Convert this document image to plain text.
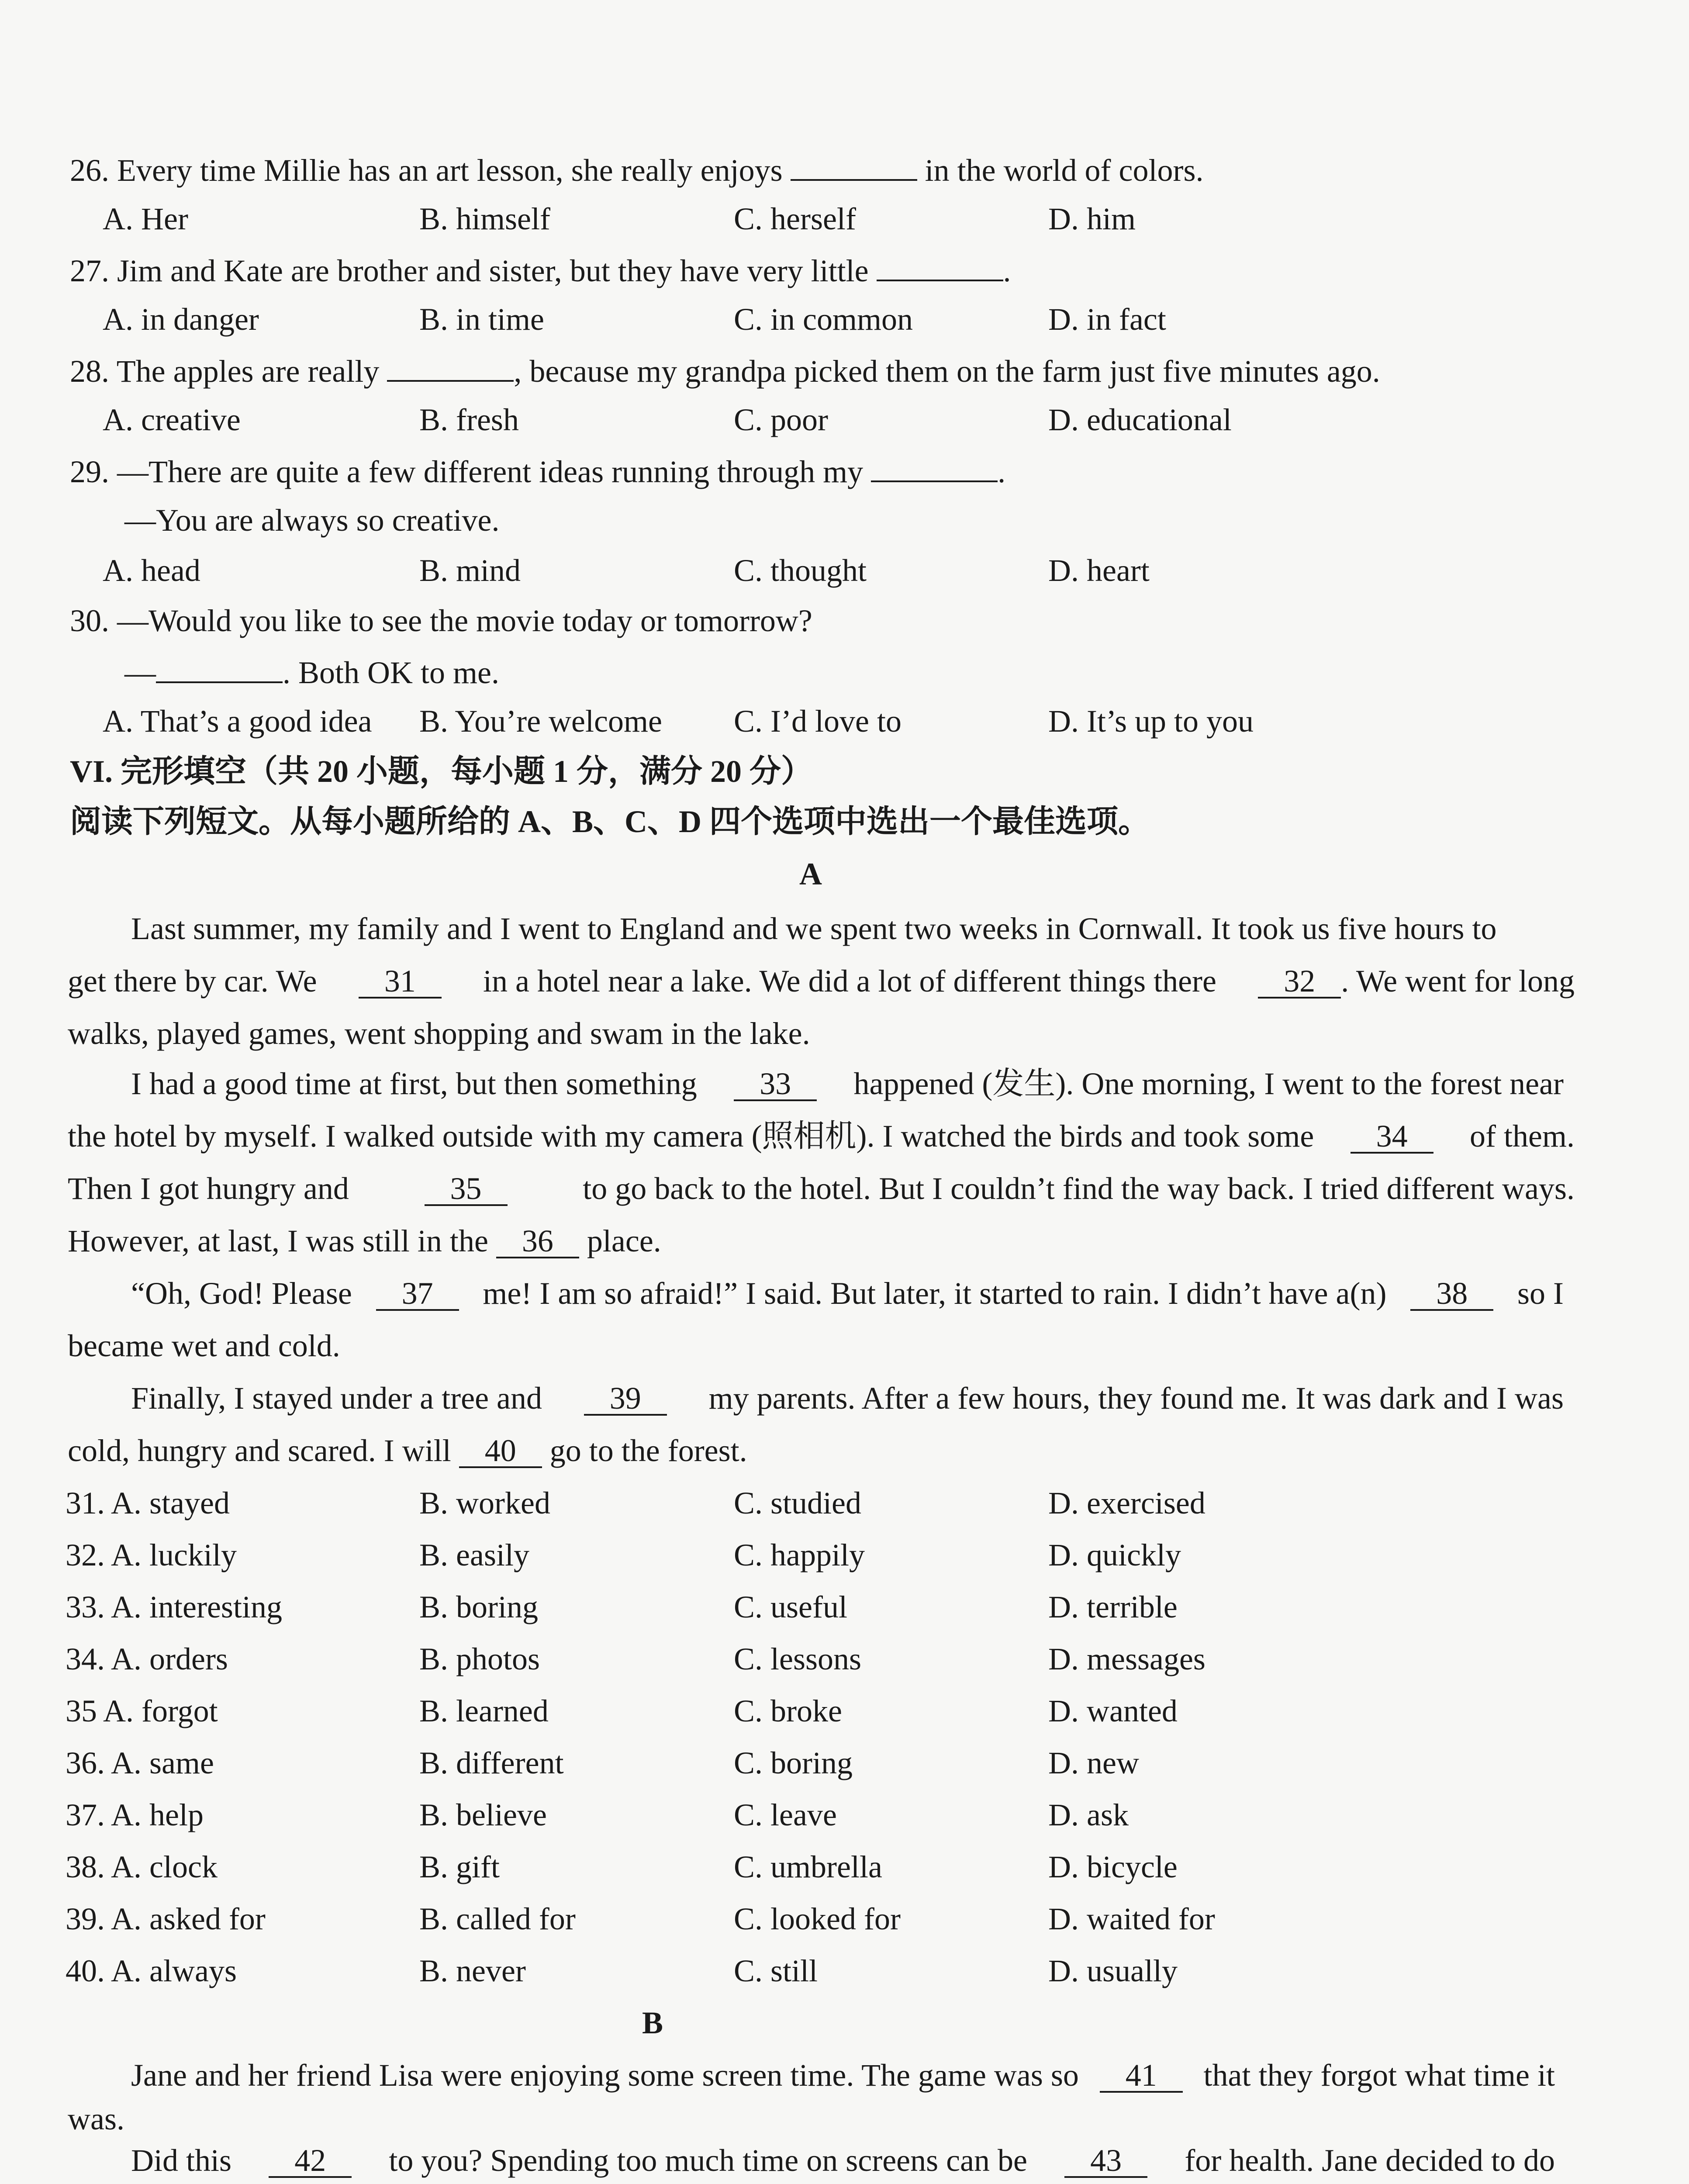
26. Every time Millie has an art lesson, she really enjoys	in the world of colors.
A. Her	B. himself	C. herself	D. him
27. Jim and Kate are brother and sister, but they have very little	.
A. in danger	B. in time	C. in common	D. in fact
28. The apples are really	, because my grandpa picked them on the farm just five minutes ago.
A. creative	B. fresh	C. poor	D. educational
29. —There are quite a few different ideas running through my	.
—You are always so creative.
A. head	B. mind	C. thought	D. heart
30. —Would you like to see the movie today or tomorrow?
—	. Both OK to me.
A. That’s a good idea B. You’re welcome C. I’d love to	D. It’s up to you
VI. 完形填空（共 20 小题，每小题 1 分，满分 20 分）
阅读下列短文。从每小题所给的 A、B、C、D 四个选项中选出一个最佳选项。
A
Last summer, my family and I went to England and we spent two weeks in Cornwall. It took us five hours to
get there by car. We	31	in a hotel near a lake. We did a lot of different things there	32 . We went for long
walks, played games, went shopping and swam in the lake.
I had a good time at first, but then something	33	happened (发生). One morning, I went to the forest near
the hotel by myself. I walked outside with my camera (照相机). I watched the birds and took some	34	of them.
Then I got hungry and	35	to go back to the hotel. But I couldn’t find the way back. I tried different ways.
However, at last, I was still in the 36 place.
“Oh, God! Please	37	me! I am so afraid!” I said. But later, it started to rain. I didn’t have a(n)	38	so I
became wet and cold.
Finally, I stayed under a tree and	39	my parents. After a few hours, they found me. It was dark and I was
cold, hungry and scared. I will 40 go to the forest.
31. A. stayed	B. worked	C. studied	D. exercised
32. A. luckily	B. easily	C. happily	D. quickly
33. A. interesting	B. boring	C. useful	D. terrible
34. A. orders	B. photos	C. lessons	D. messages
35 A. forgot	B. learned	C. broke	D. wanted
36. A. same	B. different	C. boring	D. new
37. A. help	B. believe	C. leave	D. ask
38. A. clock	B. gift	C. umbrella	D. bicycle
39. A. asked for	B. called for	C. looked for	D. waited for
40. A. always	B. never	C. still	D. usually
B
Jane and her friend Lisa were enjoying some screen time. The game was so	41	that they forgot what time it
was.
Did this	42	to you? Spending too much time on screens can be	43	for health. Jane decided to do
